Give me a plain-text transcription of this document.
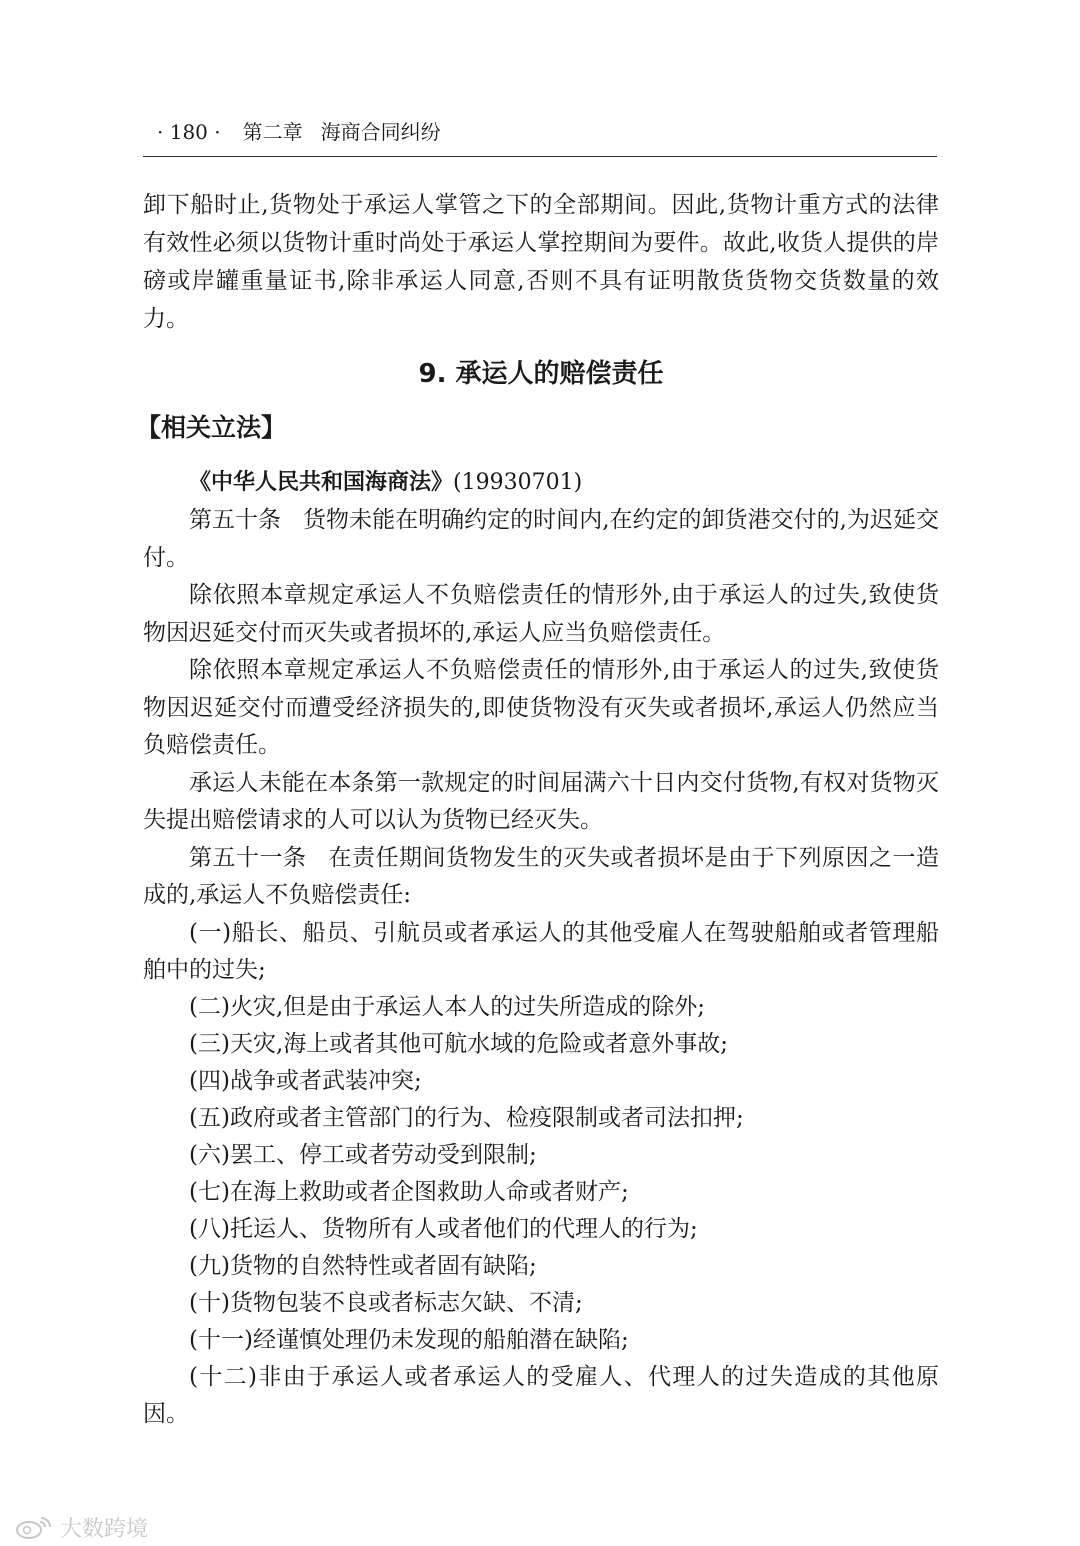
· 180 · 第二章 海商合同纠纷

卸下船时止,货物处于承运人掌管之下的全部期间。因此,货物计重方式的法律有效性必须以货物计重时尚处于承运人掌控期间为要件。故此,收货人提供的岸磅或岸罐重量证书,除非承运人同意,否则不具有证明散货货物交货数量的效力。

9. 承运人的赔偿责任
【相关立法】

《中华人民共和国海商法》(19930701)

第五十条 货物未能在明确约定的时间内,在约定的卸货港交付的,为迟延交付。

除依照本章规定承运人不负赔偿责任的情形外,由于承运人的过失,致使货物因迟延交付而灭失或者损坏的,承运人应当负赔偿责任。

除依照本章规定承运人不负赔偿责任的情形外,由于承运人的过失,致使货物因迟延交付而遭受经济损失的,即使货物没有灭失或者损坏,承运人仍然应当负赔偿责任。

承运人未能在本条第一款规定的时间届满六十日内交付货物,有权对货物灭失提出赔偿请求的人可以认为货物已经灭失。

第五十一条 在责任期间货物发生的灭失或者损坏是由于下列原因之一造成的,承运人不负赔偿责任:

(一)船长、船员、引航员或者承运人的其他受雇人在驾驶船舶或者管理船舶中的过失;

(二)火灾,但是由于承运人本人的过失所造成的除外;

(三)天灾,海上或者其他可航水域的危险或者意外事故;

(四)战争或者武装冲突;

(五)政府或者主管部门的行为、检疫限制或者司法扣押;

(六)罢工、停工或者劳动受到限制;

(七)在海上救助或者企图救助人命或者财产;

(八)托运人、货物所有人或者他们的代理人的行为;

(九)货物的自然特性或者固有缺陷;

(十)货物包装不良或者标志欠缺、不清;

(十一)经谨慎处理仍未发现的船舶潜在缺陷;

(十二)非由于承运人或者承运人的受雇人、代理人的过失造成的其他原因。

大数跨境
